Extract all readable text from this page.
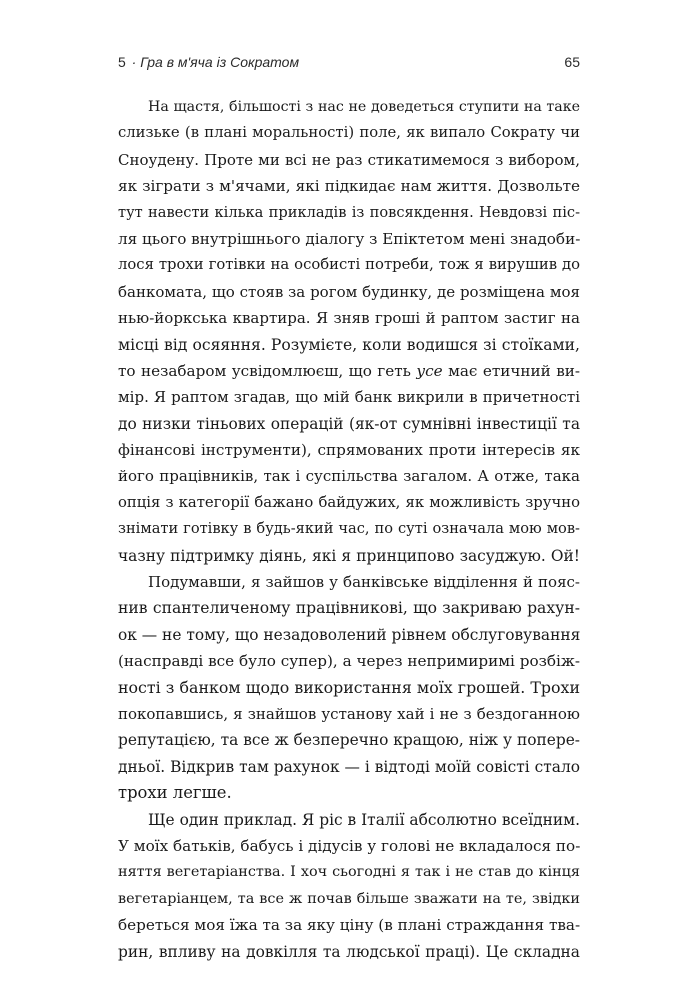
5 · Гра в м'яча із Сократом	65
На щастя, більшості з нас не доведеться ступити на таке
слизьке (в плані моральності) поле, як випало Сократу чи
Сноудену. Проте ми всі не раз стикатимемося з вибором,
як зіграти з м'ячами, які підкидає нам життя. Дозвольте
тут навести кілька прикладів із повсякдення. Невдовзі піс-
ля цього внутрішнього діалогу з Епіктетом мені знадоби-
лося трохи готівки на особисті потреби, тож я вирушив до
банкомата, що стояв за рогом будинку, де розміщена моя
нью-йоркська квартира. Я зняв гроші й раптом застиг на
місці від осяяння. Розумієте, коли водишся зі стоїками,
то незабаром усвідомлюєш, що геть усе має етичний ви-
мір. Я раптом згадав, що мій банк викрили в причетності
до низки тіньових операцій (як-от сумнівні інвестиції та
фінансові інструменти), спрямованих проти інтересів як
його працівників, так і суспільства загалом. А отже, така
опція з категорії бажано байдужих, як можливість зручно
знімати готівку в будь-який час, по суті означала мою мов-
чазну підтримку діянь, які я принципово засуджую. Ой!
Подумавши, я зайшов у банківське відділення й пояс-
нив спантеличеному працівникові, що закриваю рахун-
ок — не тому, що незадоволений рівнем обслуговування
(насправді все було супер), а через непримиримі розбіж-
ності з банком щодо використання моїх грошей. Трохи
покопавшись, я знайшов установу хай і не з бездоганною
репутацією, та все ж безперечно кращою, ніж у попере-
дньої. Відкрив там рахунок — і відтоді моїй совісті стало
трохи легше.
Ще один приклад. Я ріс в Італії абсолютно всеїдним.
У моїх батьків, бабусь і дідусів у голові не вкладалося по-
няття вегетаріанства. І хоч сьогодні я так і не став до кінця
вегетаріанцем, та все ж почав більше зважати на те, звідки
береться моя їжа та за яку ціну (в плані страждання тва-
рин, впливу на довкілля та людської праці). Це складна
